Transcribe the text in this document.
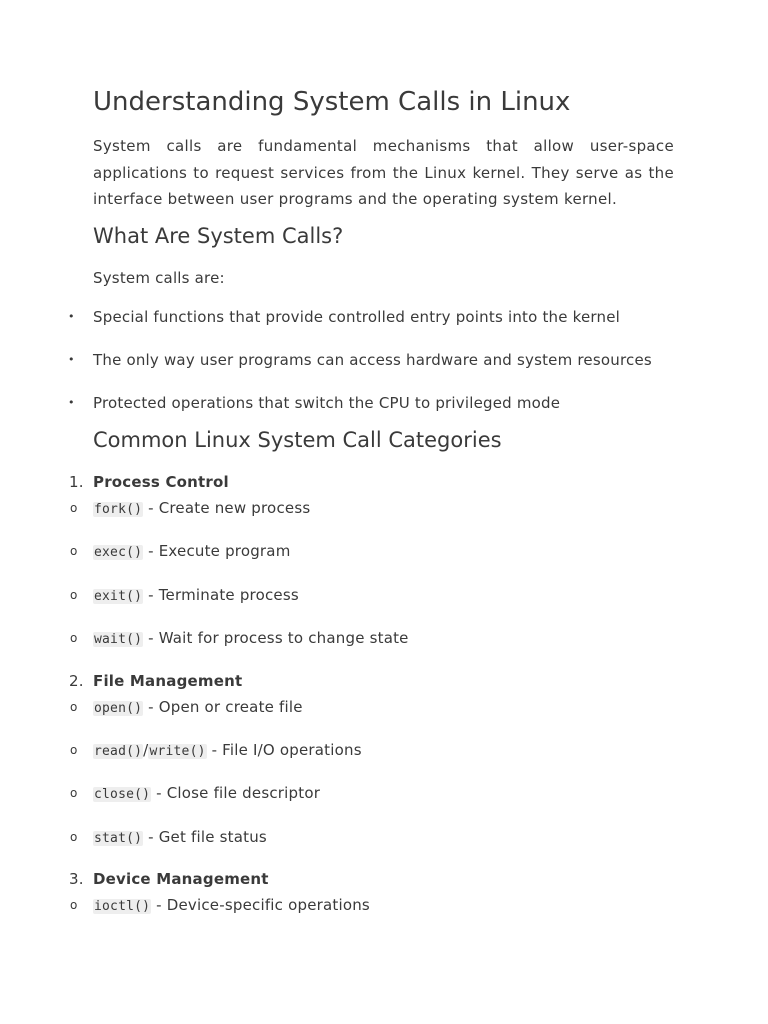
Understanding System Calls in Linux

System calls are fundamental mechanisms that allow user-space applications to request services from the Linux kernel. They serve as the interface between user programs and the operating system kernel.

What Are System Calls?
System calls are:
• Special functions that provide controlled entry points into the kernel
• The only way user programs can access hardware and system resources
• Protected operations that switch the CPU to privileged mode
Common Linux System Call Categories
1. Process Control
o fork() - Create new process
o exec() - Execute program
o exit() - Terminate process
o wait() - Wait for process to change state
2. File Management
o open() - Open or create file
o read()/write() - File I/O operations
o close() - Close file descriptor
o stat() - Get file status
3. Device Management
o ioctl() - Device-specific operations
